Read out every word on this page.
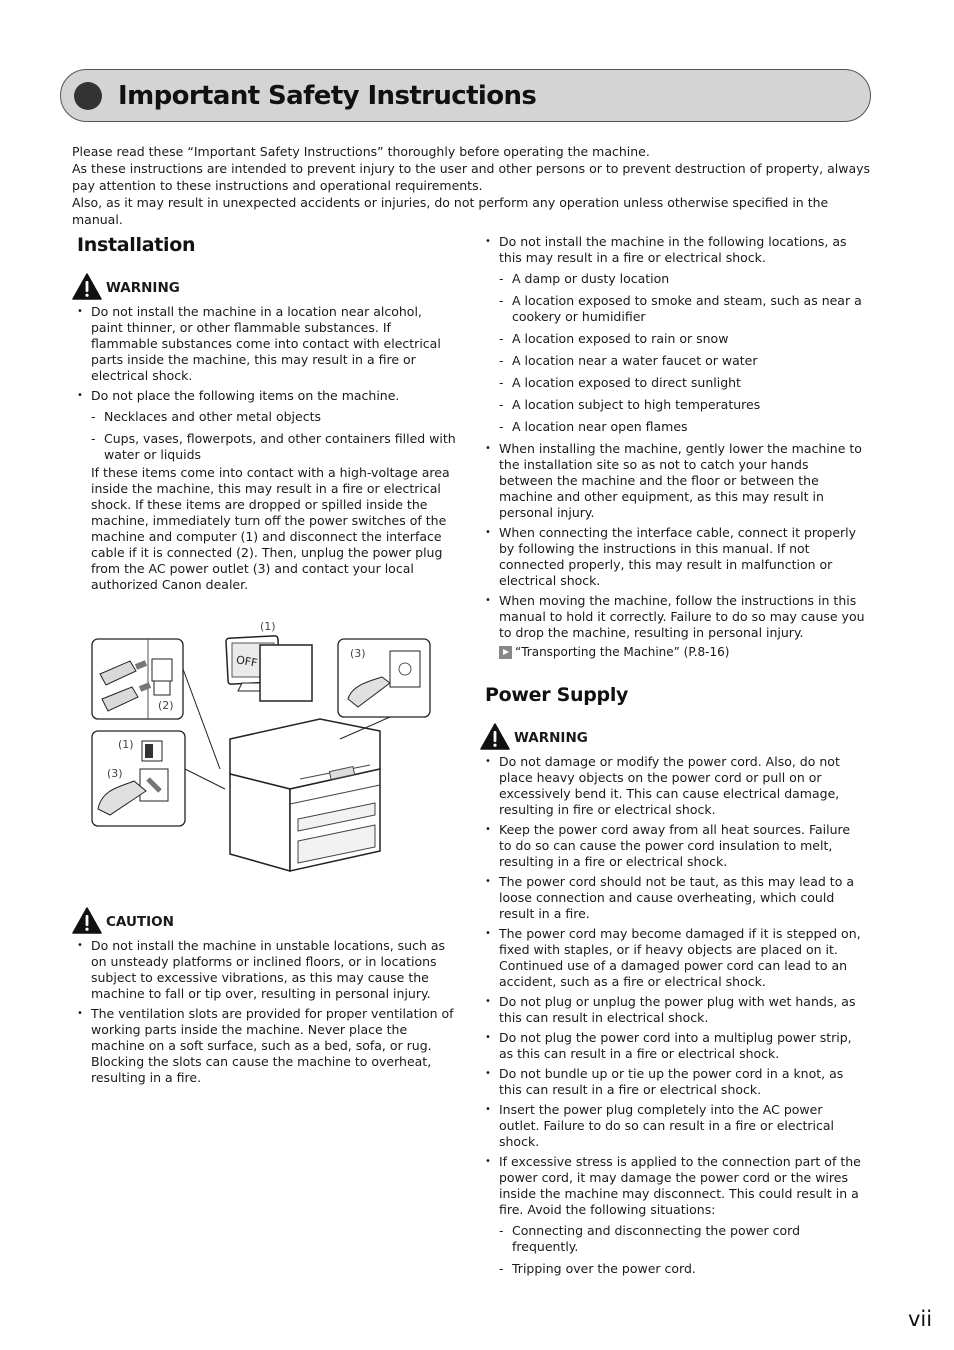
Important Safety Instructions

Please read these “Important Safety Instructions” thoroughly before operating the machine.

As these instructions are intended to prevent injury to the user and other persons or to prevent destruction of property, always pay attention to these instructions and operational requirements.

Also, as it may result in unexpected accidents or injuries, do not perform any operation unless otherwise specified in the manual.

Installation
WARNING
• Do not install the machine in a location near alcohol, paint thinner, or other flammable substances. If flammable substances come into contact with electrical parts inside the machine, this may result in a fire or electrical shock.
• Do not place the following items on the machine.
- Necklaces and other metal objects
- Cups, vases, flowerpots, and other containers filled with water or liquids
If these items come into contact with a high-voltage area inside the machine, this may result in a fire or electrical shock. If these items are dropped or spilled inside the machine, immediately turn off the power switches of the machine and computer (1) and disconnect the interface cable if it is connected (2). Then, unplug the power plug from the AC power outlet (3) and contact your local authorized Canon dealer.
(1)
OFF	(3)
(2)
(1)
(3)
CAUTION
• Do not install the machine in unstable locations, such as on unsteady platforms or inclined floors, or in locations subject to excessive vibrations, as this may cause the machine to fall or tip over, resulting in personal injury.
• The ventilation slots are provided for proper ventilation of working parts inside the machine. Never place the machine on a soft surface, such as a bed, sofa, or rug. Blocking the slots can cause the machine to overheat, resulting in a fire.
• Do not install the machine in the following locations, as this may result in a fire or electrical shock.
- A damp or dusty location
- A location exposed to smoke and steam, such as near a cookery or humidifier
- A location exposed to rain or snow
- A location near a water faucet or water
- A location exposed to direct sunlight
- A location subject to high temperatures
- A location near open flames
• When installing the machine, gently lower the machine to the installation site so as not to catch your hands between the machine and the floor or between the machine and other equipment, as this may result in personal injury.
• When connecting the interface cable, connect it properly by following the instructions in this manual. If not connected properly, this may result in malfunction or electrical shock.
• When moving the machine, follow the instructions in this manual to hold it correctly. Failure to do so may cause you to drop the machine, resulting in personal injury.
“Transporting the Machine” (P.8-16)
Power Supply
WARNING
• Do not damage or modify the power cord. Also, do not place heavy objects on the power cord or pull on or excessively bend it. This can cause electrical damage, resulting in fire or electrical shock.
• Keep the power cord away from all heat sources. Failure to do so can cause the power cord insulation to melt, resulting in a fire or electrical shock.
• The power cord should not be taut, as this may lead to a loose connection and cause overheating, which could result in a fire.
• The power cord may become damaged if it is stepped on, fixed with staples, or if heavy objects are placed on it. Continued use of a damaged power cord can lead to an accident, such as a fire or electrical shock.
• Do not plug or unplug the power plug with wet hands, as this can result in electrical shock.
• Do not plug the power cord into a multiplug power strip, as this can result in a fire or electrical shock.
• Do not bundle up or tie up the power cord in a knot, as this can result in a fire or electrical shock.
• Insert the power plug completely into the AC power outlet. Failure to do so can result in a fire or electrical shock.
• If excessive stress is applied to the connection part of the power cord, it may damage the power cord or the wires inside the machine may disconnect. This could result in a fire. Avoid the following situations:
- Connecting and disconnecting the power cord frequently.
- Tripping over the power cord.
vii
